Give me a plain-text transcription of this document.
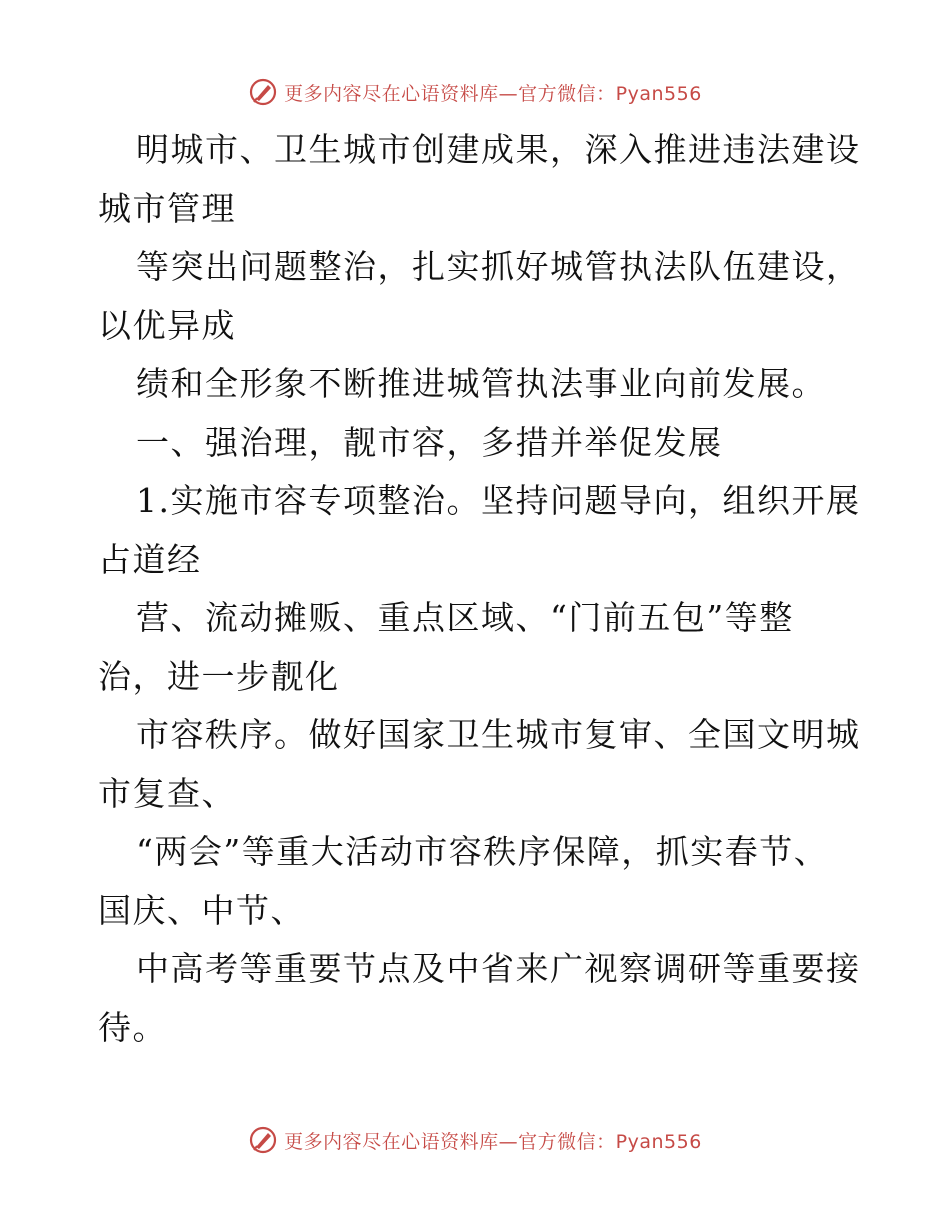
更多内容尽在心语资料库—官方微信：Pyan556
明城市、卫生城市创建成果，深入推进违法建设
城市管理
等突出问题整治，扎实抓好城管执法队伍建设，
以优异成
绩和全形象不断推进城管执法事业向前发展。
一、强治理，靓市容，多措并举促发展
1.实施市容专项整治。坚持问题导向，组织开展
占道经
营、流动摊贩、重点区域、“门前五包”等整
治，进一步靓化
市容秩序。做好国家卫生城市复审、全国文明城
市复查、
“两会”等重大活动市容秩序保障，抓实春节、
国庆、中节、
中高考等重要节点及中省来广视察调研等重要接
待。
更多内容尽在心语资料库—官方微信：Pyan556
